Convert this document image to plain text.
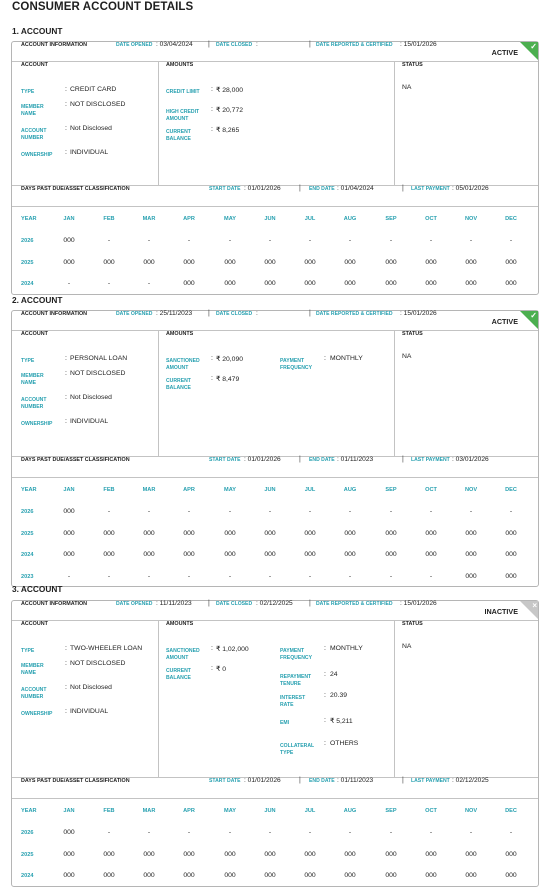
CONSUMER ACCOUNT DETAILS
1. ACCOUNT
ACCOUNT INFORMATION	DATE OPENED : 03/04/2024 | DATE CLOSED :	| DATE REPORTED & CERTIFIED : 15/01/2026
ACTIVE
✓
ACCOUNT	AMOUNTS	STATUS
TYPE	: CREDIT CARD
MEMBER NAME
: NOT DISCLOSED
ACCOUNT NUMBER
: Not Disclosed
OWNERSHIP	: INDIVIDUAL
CREDIT LIMIT	: ₹ 28,000
HIGH CREDIT AMOUNT
: ₹ 20,772
CURRENT BALANCE
: ₹ 8,265
NA
DAYS PAST DUE/ASSET CLASSIFICATION	START DATE : 01/01/2026	| END DATE : 01/04/2024	| LAST PAYMENT : 05/01/2026
YEAR	JAN	FEB	MAR	APR	MAY	JUN	JUL	AUG	SEP	OCT	NOV	DEC
2026	000	-	-	-	-	-	-	-	-	-	-	-
2025	000	000	000	000	000	000	000	000	000	000	000	000
2024	-	-	-	000	000	000	000	000	000	000	000	000
2. ACCOUNT
ACCOUNT INFORMATION	DATE OPENED : 25/11/2023 | DATE CLOSED :	| DATE REPORTED & CERTIFIED : 15/01/2026
ACTIVE
✓
ACCOUNT	AMOUNTS	STATUS
TYPE	: PERSONAL LOAN
MEMBER NAME
: NOT DISCLOSED
ACCOUNT NUMBER
: Not Disclosed
OWNERSHIP	: INDIVIDUAL
SANCTIONED AMOUNT
: ₹ 20,090
CURRENT BALANCE
: ₹ 8,479
PAYMENT FREQUENCY
: MONTHLY	NA
DAYS PAST DUE/ASSET CLASSIFICATION	START DATE : 01/01/2026	| END DATE : 01/11/2023	| LAST PAYMENT : 03/01/2026
YEAR	JAN	FEB	MAR	APR	MAY	JUN	JUL	AUG	SEP	OCT	NOV	DEC
2026	000	-	-	-	-	-	-	-	-	-	-	-
2025	000	000	000	000	000	000	000	000	000	000	000	000
2024	000	000	000	000	000	000	000	000	000	000	000	000
2023	-	-	-	-	-	-	-	-	-	-	000	000
3. ACCOUNT
ACCOUNT INFORMATION	DATE OPENED : 11/11/2023 | DATE CLOSED : 02/12/2025 | DATE REPORTED & CERTIFIED : 15/01/2026
INACTIVE
×
ACCOUNT	AMOUNTS	STATUS
TYPE	: TWO-WHEELER LOAN
MEMBER NAME
: NOT DISCLOSED
ACCOUNT NUMBER
: Not Disclosed
OWNERSHIP	: INDIVIDUAL
SANCTIONED AMOUNT
: ₹ 1,02,000
CURRENT BALANCE
: ₹ 0
PAYMENT FREQUENCY
: MONTHLY
REPAYMENT TENURE
: 24
INTEREST RATE
: 20.39
EMI	: ₹ 5,211
COLLATERAL TYPE
: OTHERS
NA
DAYS PAST DUE/ASSET CLASSIFICATION	START DATE : 01/01/2026	| END DATE : 01/11/2023	| LAST PAYMENT : 02/12/2025
YEAR	JAN	FEB	MAR	APR	MAY	JUN	JUL	AUG	SEP	OCT	NOV	DEC
2026	000	-	-	-	-	-	-	-	-	-	-	-
2025	000	000	000	000	000	000	000	000	000	000	000	000
2024	000	000	000	000	000	000	000	000	000	000	000	000
